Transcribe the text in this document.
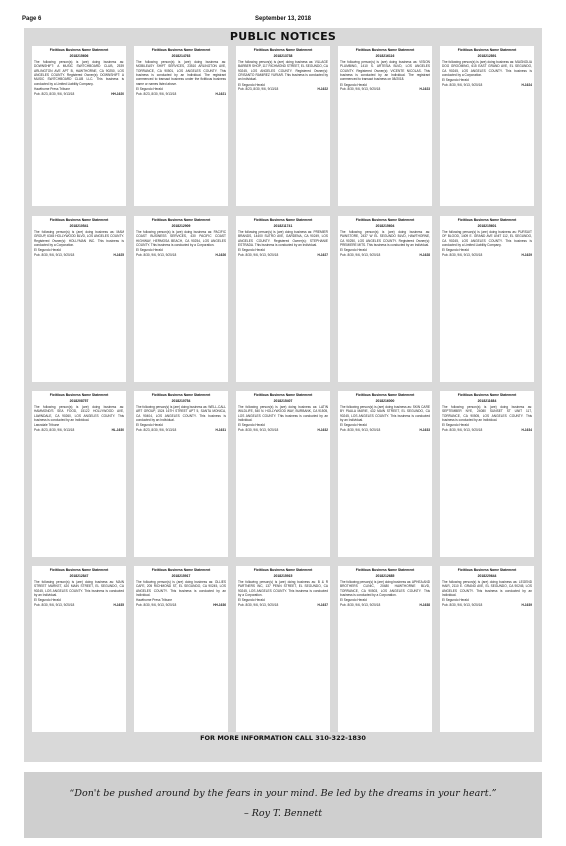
Page 6	September 13, 2018
PUBLIC NOTICES
Fictitious Business Name Statement
2018215606
The following person(s) is (are) doing business as: DOWNSHIFT: A MUSIC SWITCHBOARD CLUB, 2539 ARLINGTON AVE APT B, HAWTHORNE, CA 90250, LOS ANGELES COUNTY. Registered Owner(s): DOWNSHIFT: A MUSIC SWITCHBOARD CLUB LLC. This business is conducted by a Limited Liability Company.
Hawthorne Press Tribune
Pub. 8/23, 8/30, 9/6, 9/13/18	HH-1620
Fictitious Business Name Statement
2018214763
The following person(s) is (are) doing business as: MOBILEASY SHIFT SERVICES, 23510 ARLINGTON AVE, TORRANCE, CA 90501, LOS ANGELES COUNTY. This business is conducted by an Individual. The registrant commenced to transact business under the fictitious business name or names listed above.
El Segundo Herald
Pub. 8/23, 8/30, 9/6, 9/13/18	H-1621
Fictitious Business Name Statement
2018213738
The following person(s) is (are) doing business as: VILLAGE BARBER SHOP, 117 RICHMOND STREET, EL SEGUNDO, CA 90245, LOS ANGELES COUNTY. Registered Owner(s): CRISANTO RAMIREZ YURIAR. This business is conducted by an Individual.
El Segundo Herald
Pub. 8/23, 8/30, 9/6, 9/13/18	H-1622
Fictitious Business Name Statement
2018216116
The following person(s) is (are) doing business as: VISION PLUMBING, 1410 S. ARTESIA BLVD, LOS ANGELES COUNTY. Registered Owner(s): VICENTE NICOLAS. This business is conducted by an Individual. The registrant commenced to transact business on 08/2018.
El Segundo Herald
Pub. 8/30, 9/6, 9/13, 9/20/18	H-1623
Fictitious Business Name Statement
2018212891
The following person(s) is (are) doing business as: MAGNOLIA DOG GROOMING, 615 EAST GRAND AVE, EL SEGUNDO, CA 90245, LOS ANGELES COUNTY. This business is conducted by a Corporation.
El Segundo Herald
Pub. 8/30, 9/6, 9/13, 9/20/18	H-1624
Fictitious Business Name Statement
2018210541
The following person(s) is (are) doing business as: MAM GROUP, 6345 HOLLYWOOD BLVD, LOS ANGELES COUNTY. Registered Owner(s): HOLLYMAN INC. This business is conducted by a Corporation.
El Segundo Herald
Pub. 8/30, 9/6, 9/13, 9/20/18	H-1625
Fictitious Business Name Statement
2018212909
The following person(s) is (are) doing business as: PACIFIC COAST BUSINESS SERVICES, 430 PACIFIC COAST HIGHWAY, HERMOSA BEACH, CA 90254, LOS ANGELES COUNTY. This business is conducted by a Corporation.
El Segundo Herald
Pub. 8/30, 9/6, 9/13, 9/20/18	H-1626
Fictitious Business Name Statement
2018211741
The following person(s) is (are) doing business as: PREMIER BRANDS, 14400 SUTRO AVE, GARDENA, CA 90249, LOS ANGELES COUNTY. Registered Owner(s): STEPHANIE ESTRADA. This business is conducted by an Individual.
El Segundo Herald
Pub. 8/30, 9/6, 9/13, 9/20/18	H-1627
Fictitious Business Name Statement
2018215604
The following person(s) is (are) doing business as: PAINSTORE, 2437 W EL SEGUNDO BLVD, HAWTHORNE, CA 90250, LOS ANGELES COUNTY. Registered Owner(s): PREMIERE MITS. This business is conducted by an Individual.
El Segundo Herald
Pub. 8/30, 9/6, 9/13, 9/20/18	H-1628
Fictitious Business Name Statement
2018215601
The following person(s) is (are) doing business as: PURSUIT OF BLOOD, 1409 E. GRAND AVE UNIT 112, EL SEGUNDO, CA 90245, LOS ANGELES COUNTY. This business is conducted by a Limited Liability Company.
El Segundo Herald
Pub. 8/30, 9/6, 9/13, 9/20/18	H-1629
Fictitious Business Name Statement
2018208757
The following person(s) is (are) doing business as: HAMMOND'S SEA FOOD, 15122 HOLLYWOOD AVE, LAWNDALE, CA 90260, LOS ANGELES COUNTY. This business is conducted by an Individual.
Lawndale Tribune
Pub. 8/23, 8/30, 9/6, 9/13/18	HL-1630
Fictitious Business Name Statement
2018210754
The following person(s) is (are) doing business as: WELL-CALL ART GROUP, 1524 16TH STREET APT 5, SANTA MONICA, CA 90404, LOS ANGELES COUNTY. This business is conducted by an Individual.
El Segundo Herald
Pub. 8/23, 8/30, 9/6, 9/13/18	H-1631
Fictitious Business Name Statement
2018215407
The following person(s) is (are) doing business as: LATIN WILDLIFE, 540 N. HOLLYWOOD WAY, BURBANK, CA 91505, LOS ANGELES COUNTY. This business is conducted by an Individual.
El Segundo Herald
Pub. 8/30, 9/6, 9/13, 9/20/18	H-1632
Fictitious Business Name Statement
2018216000
The following person(s) is (are) doing business as: SKIN CARE BY PAULA MARIE, 432 MAIN STREET, EL SEGUNDO, CA 90245, LOS ANGELES COUNTY. This business is conducted by an Individual.
El Segundo Herald
Pub. 8/30, 9/6, 9/13, 9/20/18	H-1633
Fictitious Business Name Statement
2018211684
The following person(s) is (are) doing business as: SEPTEMBER NYE, 24080 SUNSET ST UNIT 117, TORRANCE, CA 90505, LOS ANGELES COUNTY. This business is conducted by an Individual.
El Segundo Herald
Pub. 8/30, 9/6, 9/13, 9/20/18	H-1634
Fictitious Business Name Statement
2018212847
The following person(s) is (are) doing business as: MAIN STREET MARKET, 420 MAIN STREET, EL SEGUNDO, CA 90245, LOS ANGELES COUNTY. This business is conducted by an Individual.
El Segundo Herald
Pub. 8/30, 9/6, 9/13, 9/20/18	H-1635
Fictitious Business Name Statement
2018215917
The following person(s) is (are) doing business as: OLLIES CAFE, 205 RICHMOND ST, EL SEGUNDO, CA 90245, LOS ANGELES COUNTY. This business is conducted by an Individual.
Hawthorne Press Tribune
Pub. 8/30, 9/6, 9/13, 9/20/18	HH-1636
Fictitious Business Name Statement
2018215915
The following person(s) is (are) doing business as: B & R PARTNERS INC, 137 PENN STREET, EL SEGUNDO, CA 90245, LOS ANGELES COUNTY. This business is conducted by a Corporation.
El Segundo Herald
Pub. 8/30, 9/6, 9/13, 9/20/18	H-1637
Fictitious Business Name Statement
2018212685
The following person(s) is (are) doing business as: APHEA AND BROTHERS CLINIC, 20480 HAWTHORNE BLVD, TORRANCE, CA 90503, LOS ANGELES COUNTY. This business is conducted by a Corporation.
El Segundo Herald
Pub. 8/30, 9/6, 9/13, 9/20/18	H-1638
Fictitious Business Name Statement
2018220644
The following person(s) is (are) doing business as: LEGEND HAIR, 2110 E. GRAND AVE, EL SEGUNDO, CA 90245, LOS ANGELES COUNTY. This business is conducted by an Individual.
El Segundo Herald
Pub. 8/30, 9/6, 9/13, 9/20/18	H-1639
FOR MORE INFORMATION CALL 310-322-1830
“Don't be pushed around by the fears in your mind. Be led by the dreams in your heart.”
– Roy T. Bennett
